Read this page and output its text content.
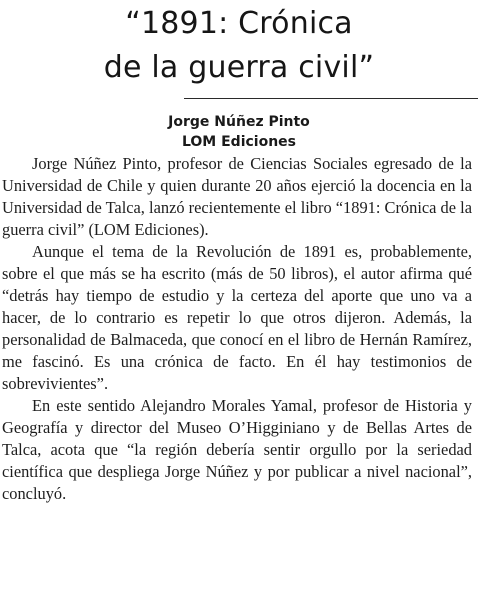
“1891: Crónica
de la guerra civil”
Jorge Núñez Pinto
LOM Ediciones

Jorge Núñez Pinto, profesor de Ciencias Sociales egresado de la Universidad de Chile y quien durante 20 años ejerció la docencia en la Universidad de Talca, lanzó recientemente el libro “1891: Crónica de la guerra civil” (LOM Ediciones).

Aunque el tema de la Revolución de 1891 es, probablemente, sobre el que más se ha escrito (más de 50 libros), el autor afirma qué “detrás hay tiempo de estudio y la certeza del aporte que uno va a hacer, de lo contrario es repetir lo que otros dijeron. Además, la personalidad de Balmaceda, que conocí en el libro de Hernán Ramírez, me fascinó. Es una crónica de facto. En él hay testimonios de sobrevivientes”.

En este sentido Alejandro Morales Yamal, profesor de Historia y Geografía y director del Museo O’Higginiano y de Bellas Artes de Talca, acota que “la región debería sentir orgullo por la seriedad científica que despliega Jorge Núñez y por publicar a nivel nacional”, concluyó.
